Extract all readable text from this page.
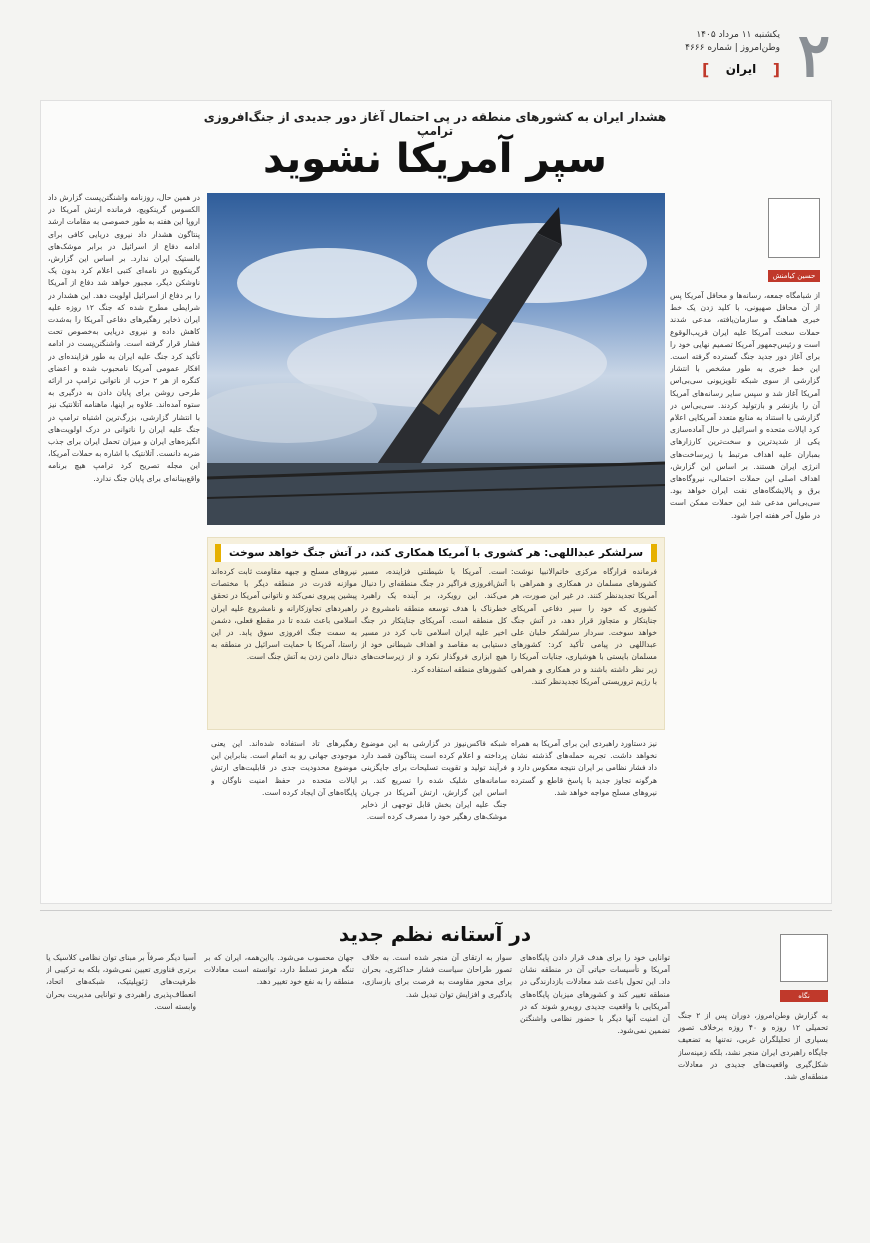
۲
یکشنبه ۱۱ مرداد ۱۴۰۵
وطن‌امروز | شماره ۴۶۶۶
[
ایران
]
هشدار ایران به کشورهای منطقه در پی احتمال آغاز دور جدیدی از جنگ‌افروزی ترامپ
سپر آمریکا نشوید
حسین کیامنش

از شبامگاه جمعه، رسانه‌ها و محافل آمریکا پس از آن محافل صهیونی، با کلید زدن یک خط خبری هماهنگ و سازمان‌یافته، مدعی شدند حملات سخت آمریکا علیه ایران قریب‌الوقوع است و رئیس‌جمهور آمریکا تصمیم نهایی خود را برای آغاز دور جدید جنگ گسترده گرفته است. این خط خبری به طور مشخص با انتشار گزارشی از سوی شبکه تلویزیونی سی‌بی‌اس آمریکا آغاز شد و سپس سایر رسانه‌های آمریکا آن را بازنشر و بازتولید کردند. سی‌بی‌اس در گزارشی با استناد به منابع متعدد آمریکایی اعلام کرد ایالات متحده و اسرائیل در حال آماده‌سازی یکی از شدیدترین و سخت‌ترین کارزارهای بمباران علیه اهداف مرتبط با زیرساخت‌های انرژی ایران هستند. بر اساس این گزارش، اهداف اصلی این حملات احتمالی، نیروگاه‌های برق و پالایشگاه‌های نفت ایران خواهد بود. سی‌بی‌اس مدعی شد این حملات ممکن است در طول آخر هفته اجرا شود.

در همین حال، روزنامه واشنگتن‌پست گزارش داد الکسوس گرینکویچ، فرمانده ارتش آمریکا در اروپا این هفته به طور خصوصی به مقامات ارشد پنتاگون هشدار داد نیروی دریایی کافی برای ادامه دفاع از اسرائیل در برابر موشک‌های بالستیک ایران ندارد. بر اساس این گزارش، گرینکویچ در نامه‌ای کتبی اعلام کرد بدون یک ناوشکن دیگر، مجبور خواهد شد دفاع از آمریکا را بر دفاع از اسرائیل اولویت دهد. این هشدار در شرایطی مطرح شده که جنگ ۱۲ روزه علیه ایران ذخایر رهگیرهای دفاعی آمریکا را به‌شدت کاهش داده و نیروی دریایی به‌خصوص تحت فشار قرار گرفته است. واشنگتن‌پست در ادامه تأکید کرد جنگ علیه ایران به طور فزاینده‌ای در افکار عمومی آمریکا نامحبوب شده و اعضای کنگره از هر ۲ حزب از ناتوانی ترامپ در ارائه طرحی روشن برای پایان دادن به درگیری به ستوه آمده‌اند. علاوه بر اینها، ماهنامه آتلانتیک نیز با انتشار گزارشی، بزرگ‌ترین اشتباه ترامپ در جنگ علیه ایران را ناتوانی در درک اولویت‌های انگیزه‌های ایران و میزان تحمل ایران برای جذب ضربه دانست. آتلانتیک با اشاره به حملات آمریکا، این مجله تصریح کرد ترامپ هیچ برنامه واقع‌بینانه‌ای برای پایان جنگ ندارد.

سرلشکر عبداللهی: هر کشوری با آمریکا همکاری کند، در آتش جنگ خواهد سوخت

فرمانده قرارگاه مرکزی خاتم‌الانبیا نوشت: کشورهای مسلمان در همکاری و همراهی با آمریکا تجدیدنظر کنند. در غیر این صورت، هر کشوری که خود را سپر دفاعی آمریکای جنایتکار و متجاوز قرار دهد، در آتش جنگ خواهد سوخت. سردار سرلشکر خلبان علی عبداللهی در پیامی تأکید کرد: کشورهای مسلمان بایستی با هوشیاری، جنایات آمریکا را زیر نظر داشته باشند و در همکاری و همراهی با رژیم تروریستی آمریکا تجدیدنظر کنند.

است. آمریکا با شیطنتی فزاینده، مسیر آتش‌افروزی فراگیر در جنگ منطقه‌ای را دنبال می‌کند. این رویکرد، بر آینده یک راهبرد خطرناک با هدف توسعه منطقه نامشروع در کل منطقه است. آمریکای جنایتکار در جنگ اخیر علیه ایران اسلامی تاب کرد در مسیر دستیابی به مقاصد و اهداف شیطانی خود از هیچ ابزاری فروگذار نکرد و از زیرساخت‌های کشورهای منطقه استفاده کرد.

نیروهای مسلح و جبهه مقاومت ثابت کرد‌ه‌اند موازنه قدرت در منطقه دیگر با مختصات پیشین پیروی نمی‌کند و ناتوانی آمریکا در تحقق راهبردهای تجاوزکارانه و نامشروع علیه ایران اسلامی باعث شده تا در مقطع فعلی، دشمن به سمت جنگ افروزی سوق یابد. در این راستا، آمریکا با حمایت اسرائیل در منطقه به دنبال دامن زدن به آتش جنگ است.

نیز دستاورد راهبردی این برای آمریکا به همراه نخواهد داشت. تجربه حمله‌های گذشته نشان داد فشار نظامی بر ایران نتیجه معکوس دارد و هرگونه تجاوز جدید با پاسخ قاطع و گسترده نیروهای مسلح مواجه خواهد شد.

شبکه فاکس‌نیوز در گزارشی به این موضوع پرداخته و اعلام کرده است پنتاگون قصد دارد فرآیند تولید و تقویت تسلیحات برای جایگزینی سامانه‌های شلیک شده را تسریع کند. بر اساس این گزارش، ارتش آمریکا در جریان جنگ علیه ایران بخش قابل توجهی از ذخایر موشک‌های رهگیر خود را مصرف کرده است.

رهگیرهای تاد استفاده شده‌اند. این یعنی موجودی جهانی رو به اتمام است. بنابراین این موضوع محدودیت جدی در قابلیت‌های ارتش ایالات متحده در حفظ امنیت ناوگان و پایگاه‌های آن ایجاد کرده است.

در آستانه نظم جدید
نگاه

به گزارش وطن‌امروز، دوران پس از ۲ جنگ تحمیلی ۱۲ روزه و ۴۰ روزه برخلاف تصور بسیاری از تحلیلگران غربی، نه‌تنها به تضعیف جایگاه راهبردی ایران منجر نشد، بلکه زمینه‌ساز شکل‌گیری واقعیت‌های جدیدی در معادلات منطقه‌ای شد.

توانایی خود را برای هدف قرار دادن پایگاه‌های آمریکا و تأسیسات حیاتی آن در منطقه نشان داد. این تحول باعث شد معادلات بازدارندگی در منطقه تغییر کند و کشورهای میزبان پایگاه‌های آمریکایی با واقعیت جدیدی روبه‌رو شوند که در آن امنیت آنها دیگر با حضور نظامی واشنگتن تضمین نمی‌شود.

سوار به ارتقای آن منجر شده است. به خلاف تصور طراحان سیاست فشار حداکثری، بحران برای محور مقاومت به فرصت برای بازسازی، یادگیری و افزایش توان تبدیل شد.

جهان محسوب می‌شود. بااین‌همه، ایران که بر تنگه هرمز تسلط دارد، توانسته است معادلات منطقه را به نفع خود تغییر دهد.

آسیا دیگر صرفاً بر مبنای توان نظامی کلاسیک یا برتری فناوری تعیین نمی‌شود، بلکه به ترکیبی از ظرفیت‌های ژئوپلیتیک، شبکه‌های اتحاد، انعطاف‌پذیری راهبردی و توانایی مدیریت بحران وابسته است.
